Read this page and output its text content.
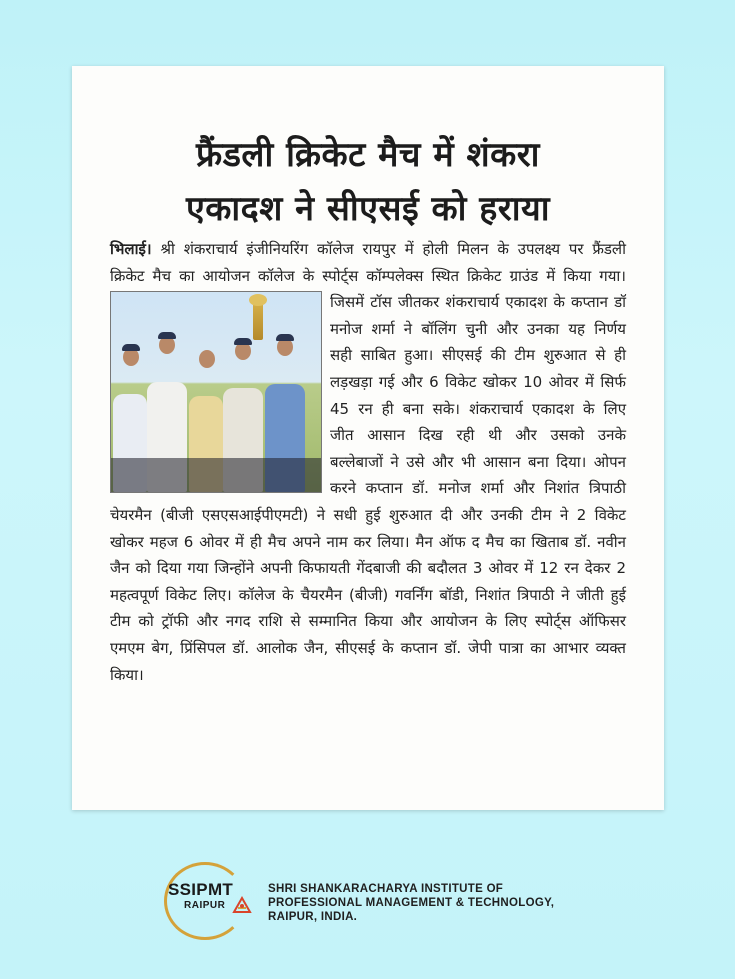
फ्रैंडली क्रिकेट मैच में शंकरा
एकादश ने सीएसई को हराया
भिलाई। श्री शंकराचार्य इंजीनियरिंग कॉलेज रायपुर में होली मिलन के उपलक्ष्य पर फ्रैंडली क्रिकेट मैच का आयोजन कॉलेज के स्पोर्ट्स कॉम्पलेक्स स्थित क्रिकेट ग्राउंड में किया गया। जिसमें टॉस जीतकर शंकराचार्य एकादश के कप्तान डॉ मनोज शर्मा ने बॉलिंग चुनी और उनका यह निर्णय सही साबित हुआ। सीएसई की टीम शुरुआत से ही लड़खड़ा गई और 6 विकेट खोकर 10 ओवर में सिर्फ 45 रन ही बना सके। शंकराचार्य एकादश के लिए जीत आसान दिख रही थी और उसको उनके बल्लेबाजों ने उसे और भी आसान बना दिया। ओपन करने कप्तान डॉ. मनोज शर्मा और निशांत त्रिपाठी चेयरमैन (बीजी एसएसआईपीएमटी) ने सधी हुई शुरुआत दी और उनकी टीम ने 2 विकेट खोकर महज 6 ओवर में ही मैच अपने नाम कर लिया। मैन ऑफ द मैच का खिताब डॉ. नवीन जैन को दिया गया जिन्होंने अपनी किफायती गेंदबाजी की बदौलत 3 ओवर में 12 रन देकर 2 महत्वपूर्ण विकेट लिए। कॉलेज के चैयरमैन (बीजी) गवर्निंग बॉडी, निशांत त्रिपाठी ने जीती हुई टीम को ट्रॉफी और नगद राशि से सम्मानित किया और आयोजन के लिए स्पोर्ट्स ऑफिसर एमएम बेग, प्रिंसिपल डॉ. आलोक जैन, सीएसई के कप्तान डॉ. जेपी पात्रा का आभार व्यक्त किया।
SSIPMT
RAIPUR
SHRI SHANKARACHARYA INSTITUTE OF
PROFESSIONAL MANAGEMENT & TECHNOLOGY,
RAIPUR, INDIA.
